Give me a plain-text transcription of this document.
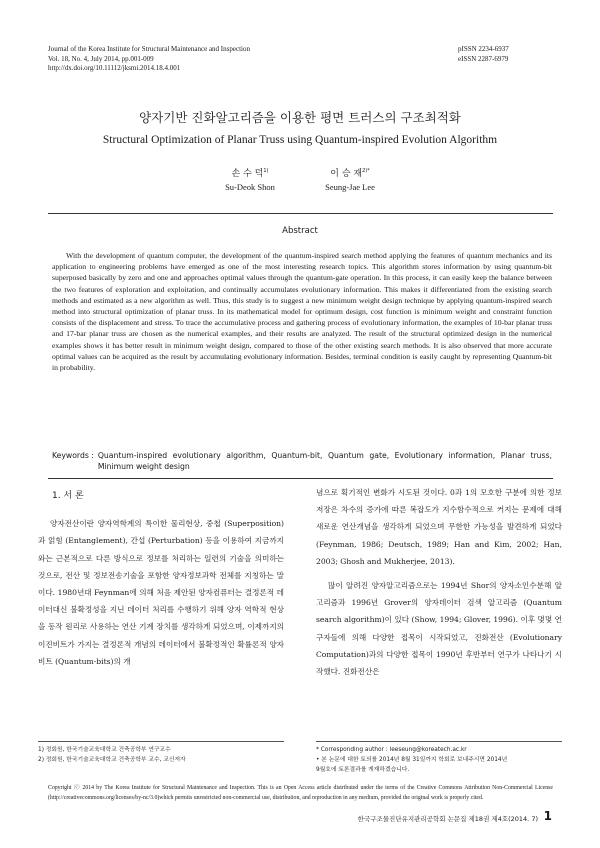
Journal of the Korea Institute for Structural Maintenance and Inspection
Vol. 18, No. 4, July 2014, pp.001-009
http://dx.doi.org/10.11112/jksmi.2014.18.4.001
pISSN 2234-6937
eISSN 2287-6979
양자기반 진화알고리즘을 이용한 평면 트러스의 구조최적화
Structural Optimization of Planar Truss using Quantum-inspired Evolution Algorithm
손 수 덕$^{1)}$
Su-Deok Shon
이 승 재$^{2)*}$
Seung-Jae Lee
Abstract
With the development of quantum computer, the development of the quantum-inspired search method applying the features of quantum mechanics and its application to engineering problems have emerged as one of the most interesting research topics. This algorithm stores information by using quantum-bit superposed basically by zero and one and approaches optimal values through the quantum-gate operation. In this process, it can easily keep the balance between the two features of exploration and exploitation, and continually accumulates evolutionary information. This makes it differentiated from the existing search methods and estimated as a new algorithm as well. Thus, this study is to suggest a new minimum weight design technique by applying quantum-inspired search method into structural optimization of planar truss. In its mathematical model for optimum design, cost function is minimum weight and constraint function consists of the displacement and stress. To trace the accumulative process and gathering process of evolutionary information, the examples of 10-bar planar truss and 17-bar planar truss are chosen as the numerical examples, and their results are analyzed. The result of the structural optimized design in the numerical examples shows it has better result in minimum weight design, compared to those of the other existing search methods. It is also observed that more accurate optimal values can be acquired as the result by accumulating evolutionary information. Besides, terminal condition is easily caught by representing Quantum-bit in probability.
Keywords : Quantum-inspired evolutionary algorithm, Quantum-bit, Quantum gate, Evolutionary information, Planar truss, Minimum weight design
1. 서 론

양자전산이란 양자역학계의 특이한 물리현상, 중첩 (Superposition)과 얽힘 (Entanglement), 간섭 (Perturbation) 등을 이용하여 지금까지와는 근본적으로 다른 방식으로 정보를 처리하는 일련의 기술을 의미하는 것으로, 전산 및 정보전송기술을 포함한 양자정보과학 전체를 지칭하는 말이다. 1980년대 Feynman에 의해 처음 제안된 양자컴퓨터는 결정론적 데이터대신 불확정성을 지닌 데이터 처리를 수행하기 위해 양자 역학적 현상을 동작 원리로 사용하는 연산 기계 장치를 생각하게 되었으며, 이제까지의 이진비트가 가지는 결정론적 개념의 데이터에서 불확정적인 확률론적 양자비트 (Quantum-bits)의 개

념으로 획기적인 변화가 시도된 것이다. 0과 1의 모호한 구분에 의한 정보 저장은 차수의 증가에 따른 복잡도가 지수함수적으로 커지는 문제에 대해 새로운 연산개념을 생각하게 되었으며 무한한 가능성을 발견하게 되었다 (Feynman, 1986; Deutsch, 1989; Han and Kim, 2002; Han, 2003; Ghosh and Mukherjee, 2013).

많이 알려진 양자알고리즘으로는 1994년 Shor의 양자소인수분해 알고리즘과 1996년 Grover의 양자데이터 검색 알고리즘 (Quantum search algorithm)이 있다 (Show, 1994; Glover, 1996). 이후 몇몇 연구자들에 의해 다양한 접목이 시작되었고, 진화전산 (Evolutionary Computation)과의 다양한 접목이 1990년 후반부터 연구가 나타나기 시작했다. 진화전산은

1) 정회원, 한국기술교육대학교 건축공학부 연구교수
2) 정회원, 한국기술교육대학교 건축공학부 교수, 교신저자
* Corresponding author : leeseung@koreatech.ac.kr
• 본 논문에 대한 토의를 2014년 8월 31일까지 학회로 보내주시면 2014년
9월호에 토론결과를 게재하겠습니다.
Copyright ⓒ 2014 by The Korea Institute for Structural Maintenance and Inspection. This is an Open Access article distributed under the terms of the Creative Commons Attribution Non-Commercial License (http://creativecommons.org/licenses/by-nc/3.0)which permits unrestricted non-commercial use, distribution, and reproduction in any medium, provided the original work is properly cited.
한국구조물진단유지관리공학회 논문집 제18권 제4호(2014. 7) 1
